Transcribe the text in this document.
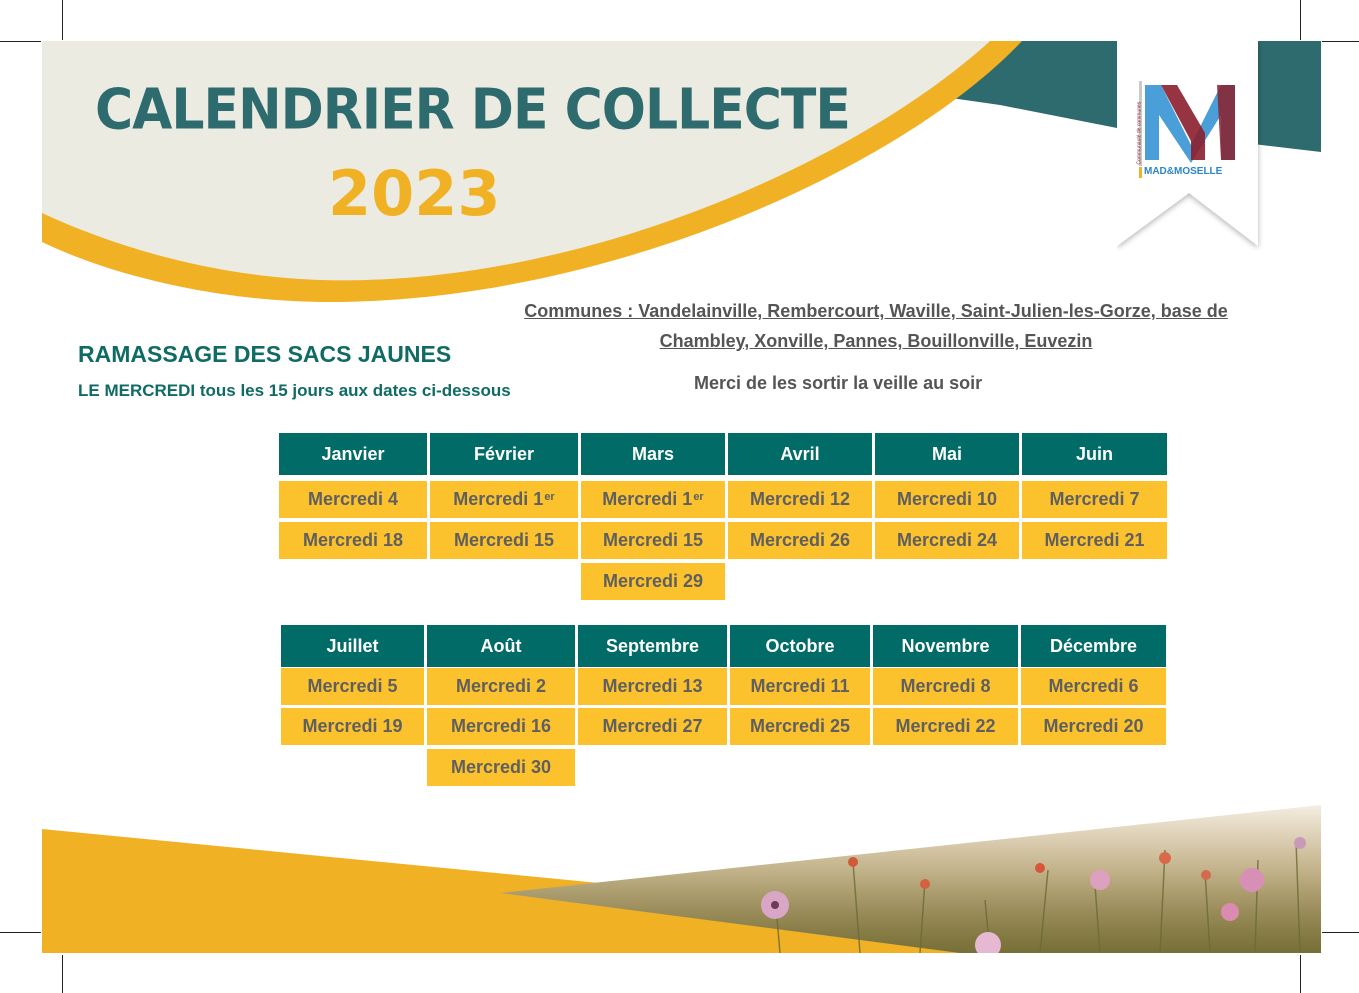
MAD&MOSELLE
Communauté de communes
CALENDRIER DE COLLECTE
2023
Communes : Vandelainville, Rembercourt, Waville, Saint-Julien-les-Gorze, base de
Chambley, Xonville, Pannes, Bouillonville, Euvezin
RAMASSAGE DES SACS JAUNES

LE MERCREDI tous les 15 jours aux dates ci-dessous	Merci de les sortir la veille au soir

Janvier
Mercredi 4
Mercredi 18
Février
Mercredi 1er
Mercredi 15
Mars
Mercredi 1er
Mercredi 15
Mercredi 29
Avril
Mercredi 12
Mercredi 26
Mai
Mercredi 10
Mercredi 24
Juin
Mercredi 7
Mercredi 21
Juillet
Mercredi 5
Mercredi 19
Août
Mercredi 2
Mercredi 16
Mercredi 30
Septembre
Mercredi 13
Mercredi 27
Octobre
Mercredi 11
Mercredi 25
Novembre
Mercredi 8
Mercredi 22
Décembre
Mercredi 6
Mercredi 20
